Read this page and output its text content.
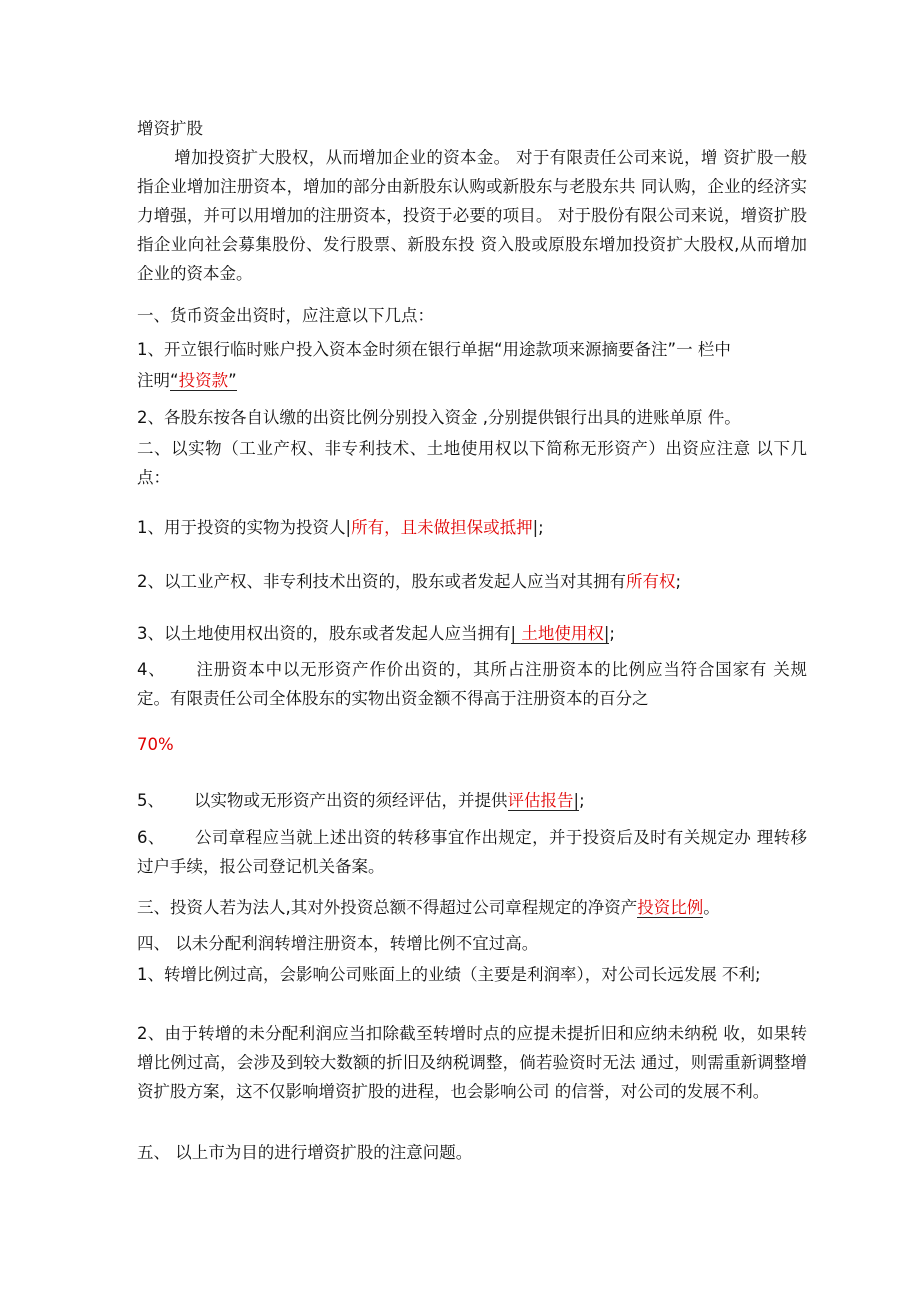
增资扩股

增加投资扩大股权，从而增加企业的资本金。 对于有限责任公司来说，增 资扩股一般指企业增加注册资本，增加的部分由新股东认购或新股东与老股东共 同认购，企业的经济实力增强，并可以用增加的注册资本，投资于必要的项目。 对于股份有限公司来说，增资扩股指企业向社会募集股份、发行股票、新股东投 资入股或原股东增加投资扩大股权,从而增加企业的资本金。

一、货币资金出资时，应注意以下几点：

1、开立银行临时账户投入资本金时须在银行单据“用途款项来源摘要备注”一 栏中

注明“投资款”

2、各股东按各自认缴的出资比例分别投入资金 ,分别提供银行出具的进账单原 件。

二、以实物（工业产权、非专利技术、土地使用权以下简称无形资产）出资应注意 以下几点：

1、用于投资的实物为投资人|所有，且未做担保或抵押|;

2、以工业产权、非专利技术出资的，股东或者发起人应当对其拥有所有权;

3、以土地使用权出资的，股东或者发起人应当拥有| 土地使用权|;

4、 注册资本中以无形资产作价出资的，其所占注册资本的比例应当符合国家有 关规定。有限责任公司全体股东的实物出资金额不得高于注册资本的百分之

70%

5、 以实物或无形资产出资的须经评估，并提供评估报告|;

6、 公司章程应当就上述出资的转移事宜作出规定，并于投资后及时有关规定办 理转移过户手续，报公司登记机关备案。

三、投资人若为法人,其对外投资总额不得超过公司章程规定的净资产投资比例。

四、 以未分配利润转增注册资本，转增比例不宜过高。

1、转增比例过高，会影响公司账面上的业绩（主要是利润率），对公司长远发展 不利;

2、由于转增的未分配利润应当扣除截至转增时点的应提未提折旧和应纳未纳税 收，如果转增比例过高，会涉及到较大数额的折旧及纳税调整，倘若验资时无法 通过，则需重新调整增资扩股方案，这不仅影响增资扩股的进程，也会影响公司 的信誉，对公司的发展不利。

五、 以上市为目的进行增资扩股的注意问题。
